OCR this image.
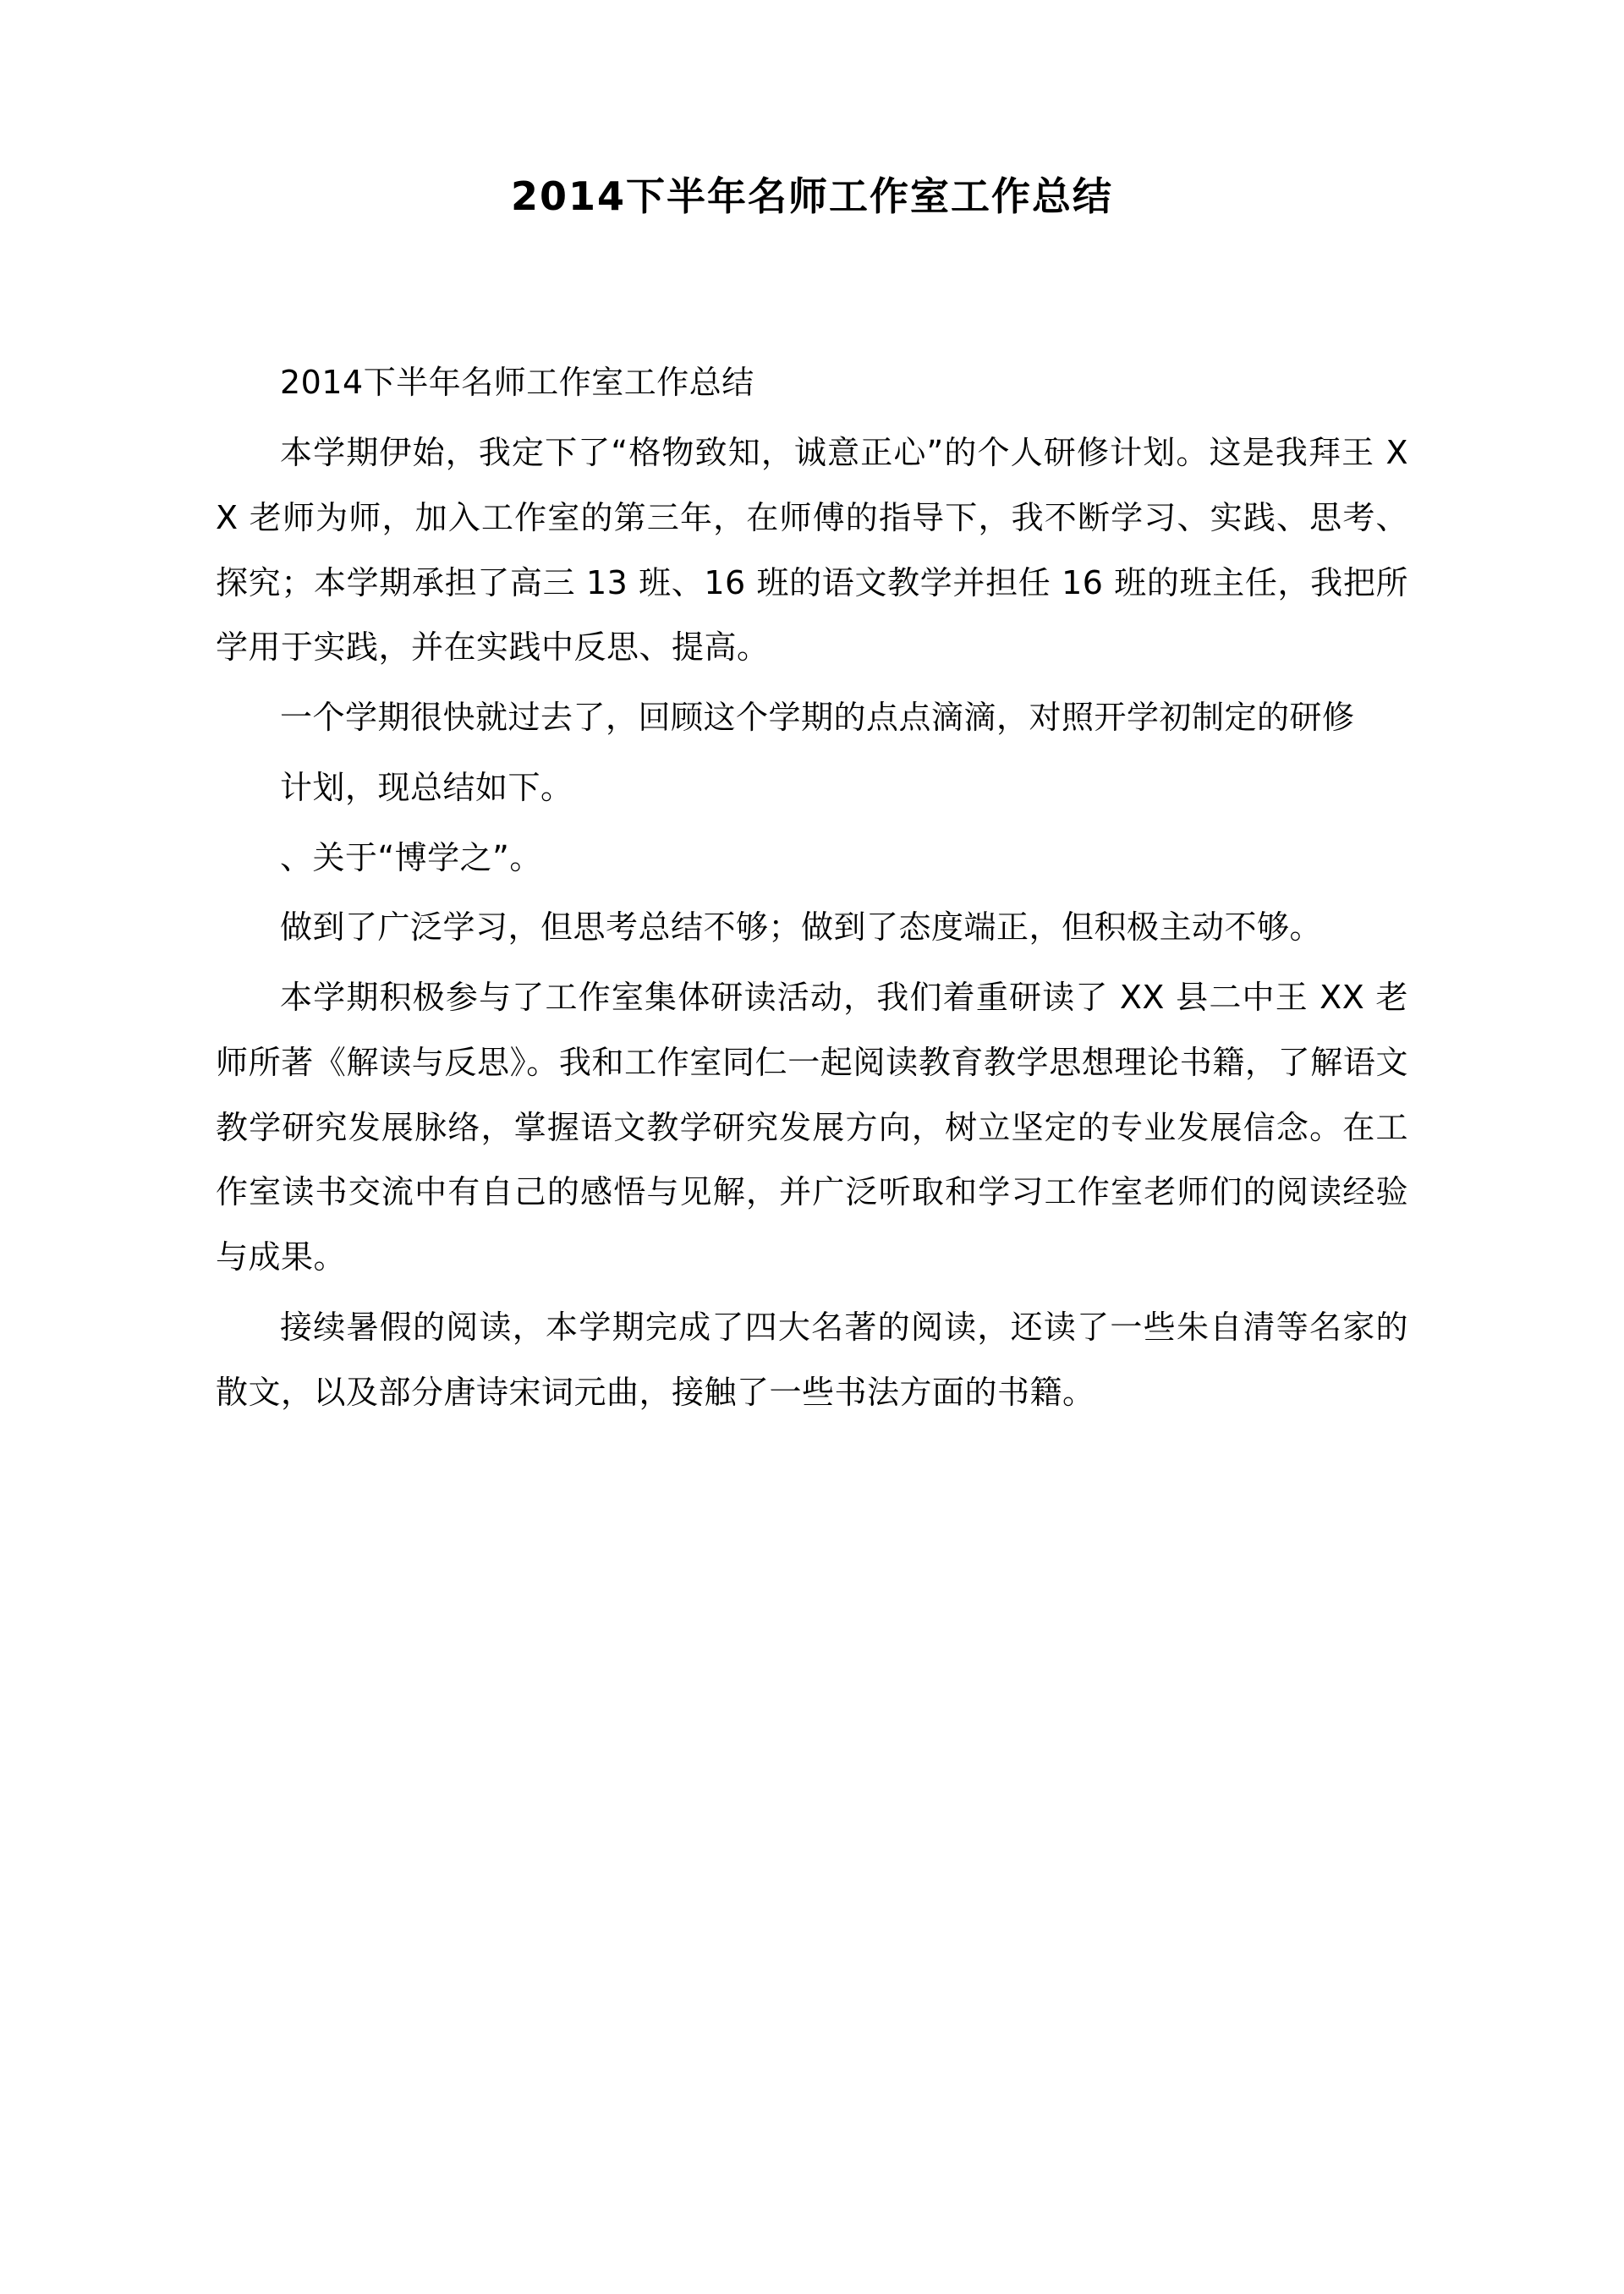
2014下半年名师工作室工作总结

2014下半年名师工作室工作总结

本学期伊始，我定下了“格物致知，诚意正心”的个人研修计划。这是我拜王 XX 老师为师，加入工作室的第三年，在师傅的指导下，我不断学习、实践、思考、探究；本学期承担了高三 13 班、16 班的语文教学并担任 16 班的班主任，我把所学用于实践，并在实践中反思、提高。

一个学期很快就过去了，回顾这个学期的点点滴滴，对照开学初制定的研修

计划，现总结如下。

、关于“博学之”。

做到了广泛学习，但思考总结不够；做到了态度端正，但积极主动不够。

本学期积极参与了工作室集体研读活动，我们着重研读了 XX 县二中王 XX 老师所著《解读与反思》。我和工作室同仁一起阅读教育教学思想理论书籍，了解语文教学研究发展脉络，掌握语文教学研究发展方向，树立坚定的专业发展信念。在工作室读书交流中有自己的感悟与见解，并广泛听取和学习工作室老师们的阅读经验与成果。

接续暑假的阅读，本学期完成了四大名著的阅读，还读了一些朱自清等名家的散文，以及部分唐诗宋词元曲，接触了一些书法方面的书籍。
